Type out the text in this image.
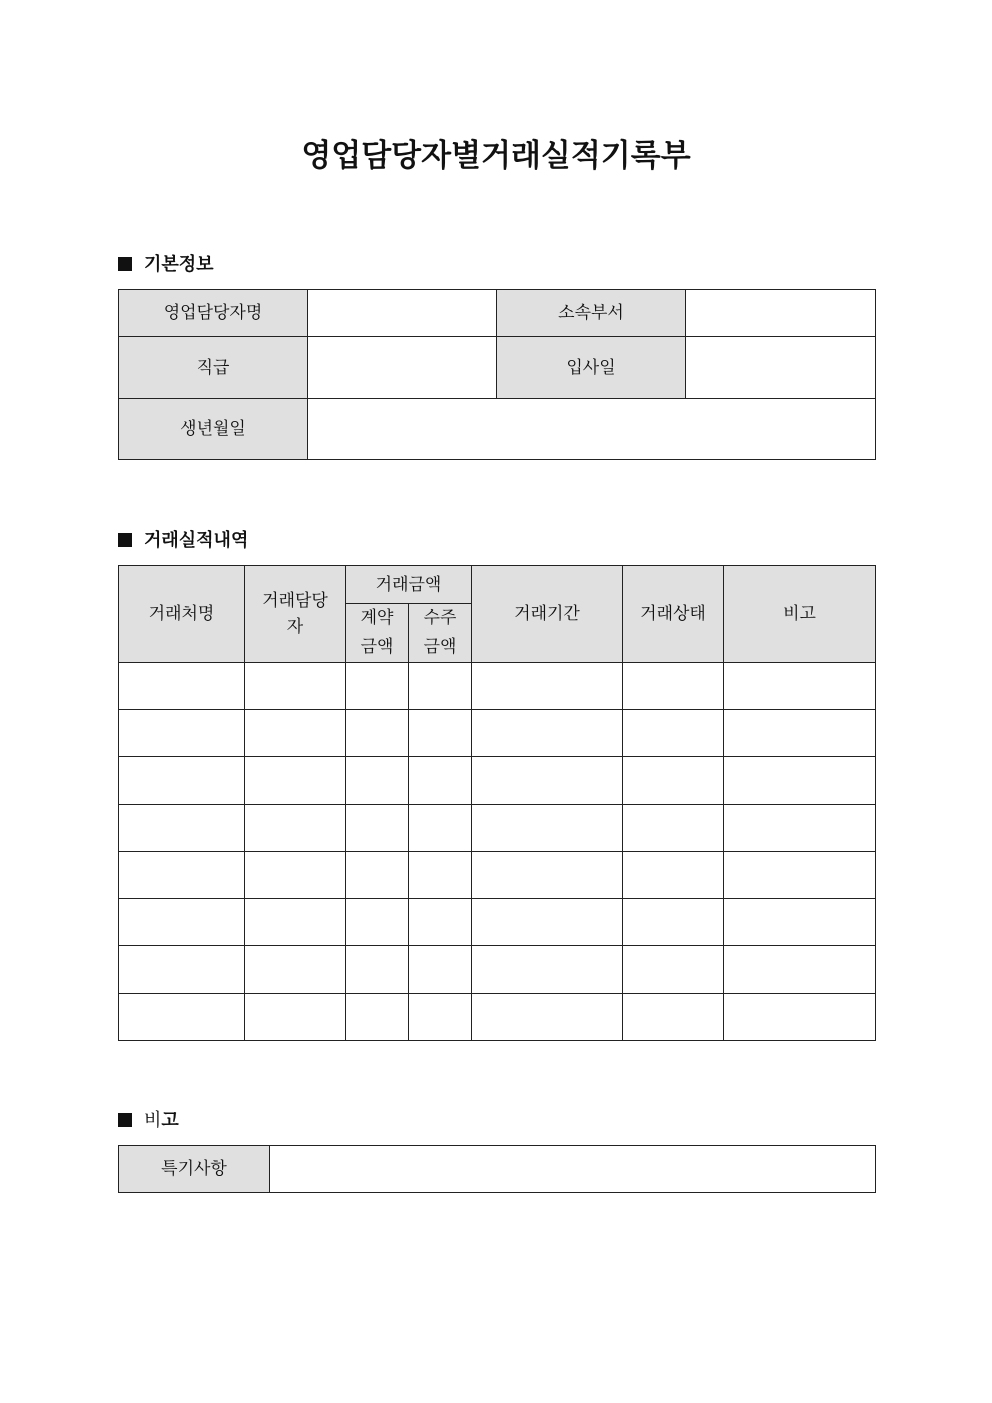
영업담당자별거래실적기록부
기본정보
영업담당자명		소속부서	
직급		입사일	
생년월일			
거래실적내역
거래처명	거래담당자	거래금액		거래기간	거래상태	비고
		계약금액	수주금액			

비고
특기사항	
